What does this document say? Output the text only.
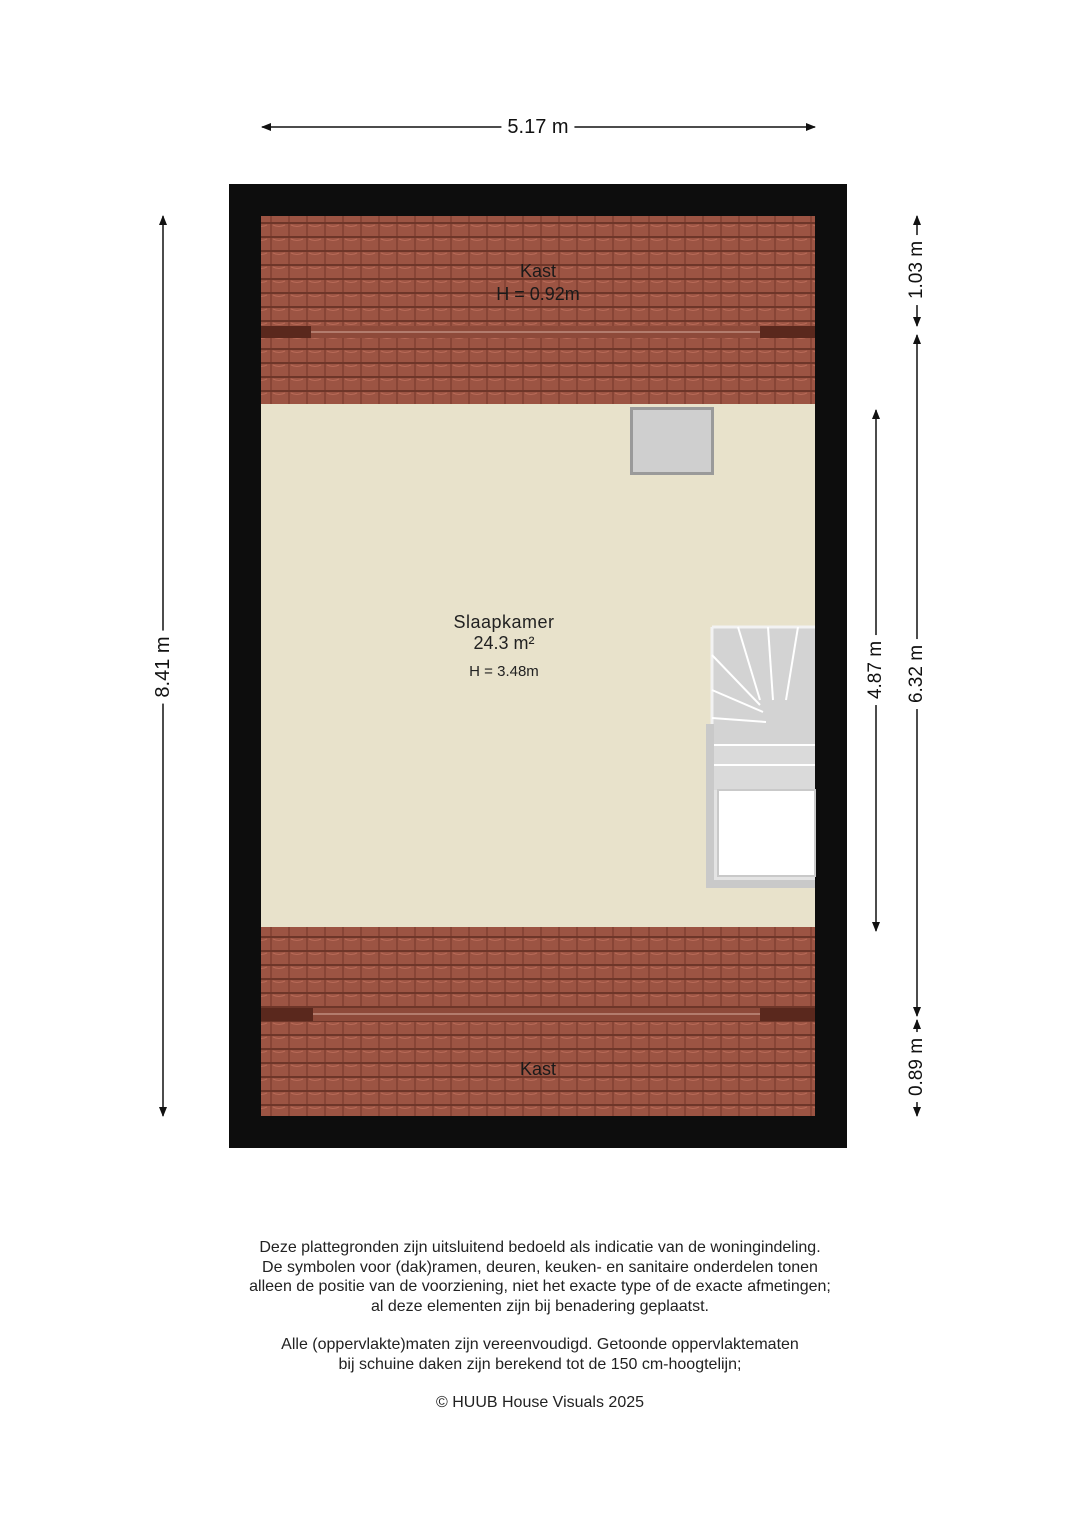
5.17 m
8.41 m
1.03 m
6.32 m
4.87 m
0.89 m
Kast
H = 0.92m
Slaapkamer
24.3 m²
H = 3.48m
Kast

Deze plattegronden zijn uitsluitend bedoeld als indicatie van de woningindeling.

De symbolen voor (dak)ramen, deuren, keuken- en sanitaire onderdelen tonen

alleen de positie van de voorziening, niet het exacte type of de exacte afmetingen;

al deze elementen zijn bij benadering geplaatst.

Alle (oppervlakte)maten zijn vereenvoudigd. Getoonde oppervlaktematen

bij schuine daken zijn berekend tot de 150 cm-hoogtelijn;

© HUUB House Visuals 2025
